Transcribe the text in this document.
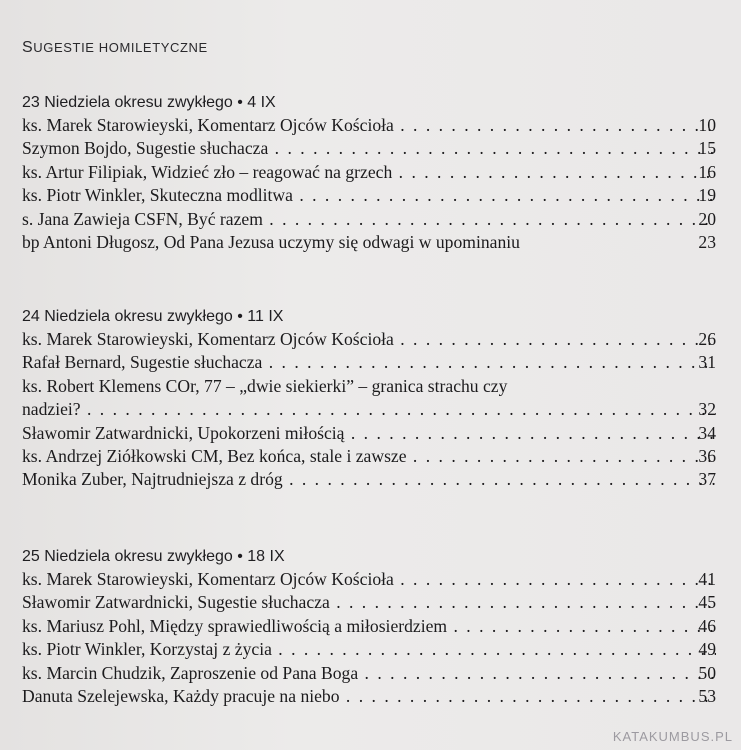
SUGESTIE HOMILETYCZNE
23 Niedziela okresu zwykłego • 4 IX
ks. Marek Starowieyski, Komentarz Ojców Kościoła . . .	10
Szymon Bojdo, Sugestie słuchacza . . .	15
ks. Artur Filipiak, Widzieć zło – reagować na grzech . . .	16
ks. Piotr Winkler, Skuteczna modlitwa . . .	19
s. Jana Zawieja CSFN, Być razem . . .	20
bp Antoni Długosz, Od Pana Jezusa uczymy się odwagi w upominaniu	23
24 Niedziela okresu zwykłego • 11 IX
ks. Marek Starowieyski, Komentarz Ojców Kościoła . . .	26
Rafał Bernard, Sugestie słuchacza . . .	31
ks. Robert Klemens COr, 77 – „dwie siekierki” – granica strachu czy
nadziei? . . .	32
Sławomir Zatwardnicki, Upokorzeni miłością . . .	34
ks. Andrzej Ziółkowski CM, Bez końca, stale i zawsze . . .	36
Monika Zuber, Najtrudniejsza z dróg . . .	37
25 Niedziela okresu zwykłego • 18 IX
ks. Marek Starowieyski, Komentarz Ojców Kościoła . . .	41
Sławomir Zatwardnicki, Sugestie słuchacza . . .	45
ks. Mariusz Pohl, Między sprawiedliwością a miłosierdziem . . .	46
ks. Piotr Winkler, Korzystaj z życia . . .	49
ks. Marcin Chudzik, Zaproszenie od Pana Boga . . .	50
Danuta Szelejewska, Każdy pracuje na niebo . . .	53
KATAKUMBUS.PL
